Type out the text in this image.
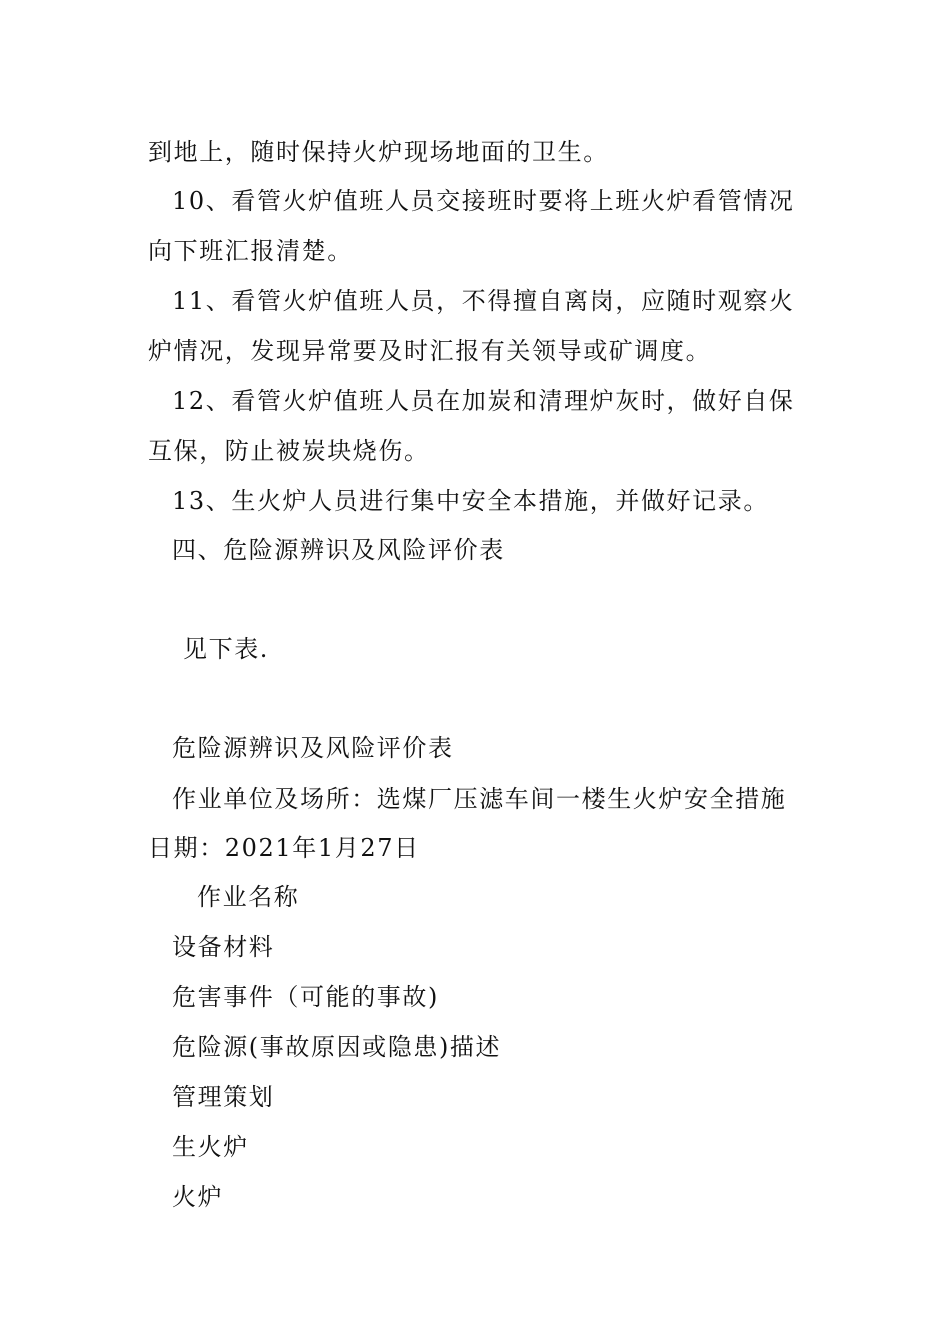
到地上，随时保持火炉现场地面的卫生。
10、看管火炉值班人员交接班时要将上班火炉看管情况
向下班汇报清楚。
11、看管火炉值班人员，不得擅自离岗，应随时观察火
炉情况，发现异常要及时汇报有关领导或矿调度。
12、看管火炉值班人员在加炭和清理炉灰时，做好自保
互保，防止被炭块烧伤。
13、生火炉人员进行集中安全本措施，并做好记录。
四、危险源辨识及风险评价表
见下表.
危险源辨识及风险评价表
作业单位及场所：选煤厂压滤车间一楼生火炉安全措施
日期：2021年1月27日
作业名称
设备材料
危害事件（可能的事故)
危险源(事故原因或隐患)描述
管理策划
生火炉
火炉
